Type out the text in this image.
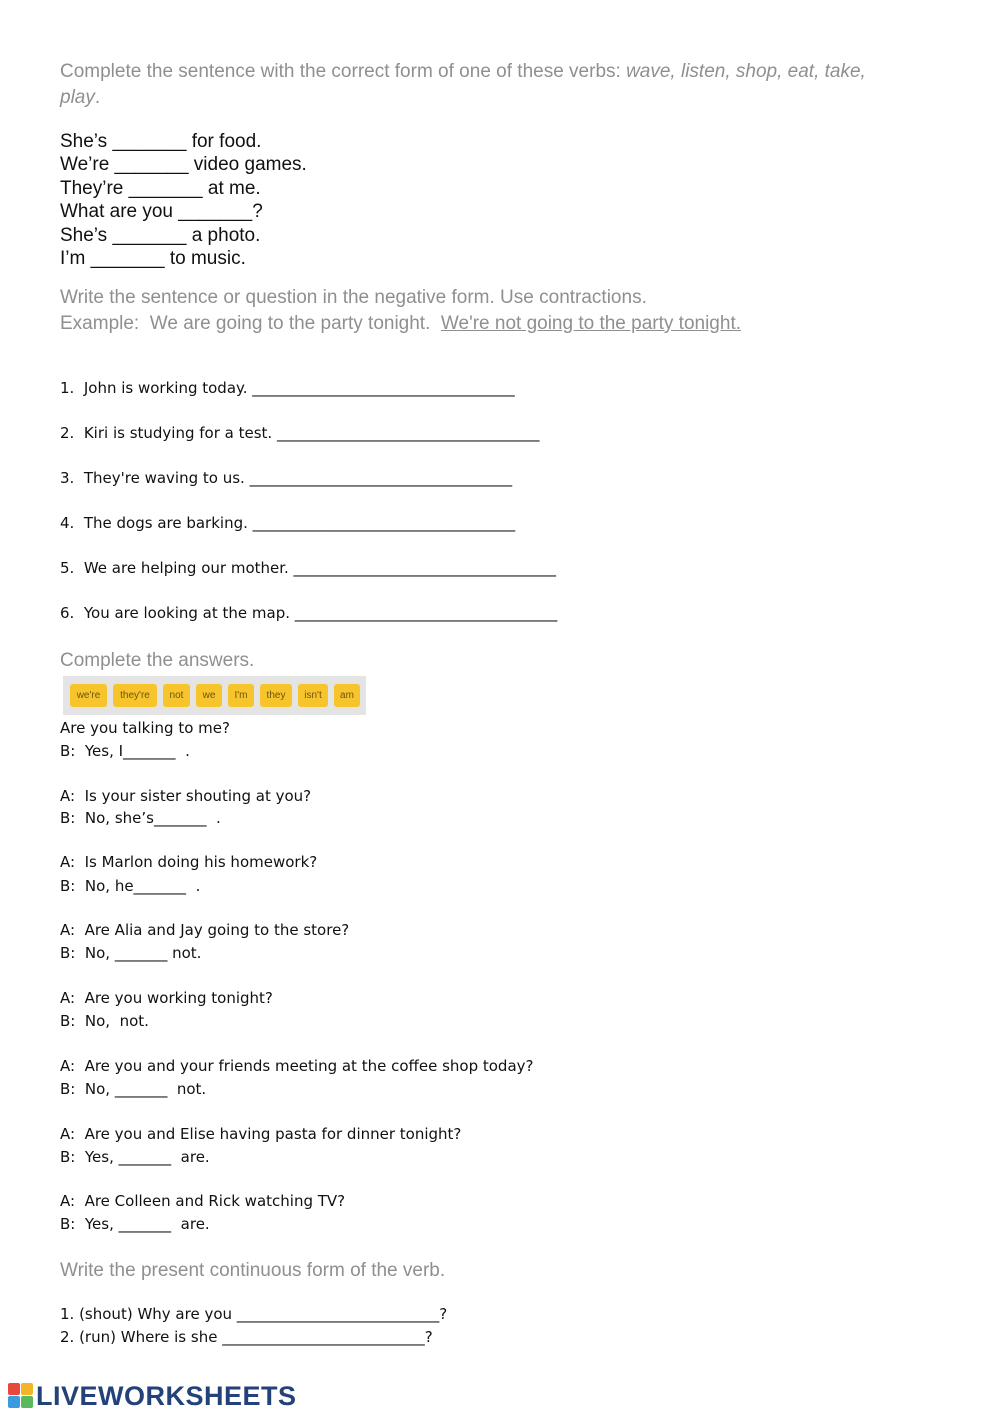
Complete the sentence with the correct form of one of these verbs: wave, listen, shop, eat, take,
play.
She’s _______ for food.
We’re _______ video games.
They’re _______ at me.
What are you _______?
She’s _______ a photo.
I’m _______ to music.
Write the sentence or question in the negative form. Use contractions.
Example:  We are going to the party tonight.  We're not going to the party tonight.
1.  John is working today. ___________________________________
2.  Kiri is studying for a test. ___________________________________
3.  They're waving to us. ___________________________________
4.  The dogs are barking. ___________________________________
5.  We are helping our mother. ___________________________________
6.  You are looking at the map. ___________________________________
Complete the answers.
we're	they're	not	we	I'm	they	isn't	am
Are you talking to me?
B:  Yes, I_______  .
A:  Is your sister shouting at you?
B:  No, she’s_______  .
A:  Is Marlon doing his homework?
B:  No, he_______  .
A:  Are Alia and Jay going to the store?
B:  No, _______ not.
A:  Are you working tonight?
B:  No,  not.
A:  Are you and your friends meeting at the coffee shop today?
B:  No, _______  not.
A:  Are you and Elise having pasta for dinner tonight?
B:  Yes, _______  are.
A:  Are Colleen and Rick watching TV?
B:  Yes, _______  are.
Write the present continuous form of the verb.
1. (shout) Why are you ___________________________?
2. (run) Where is she ___________________________?
LIVEWORKSHEETS
